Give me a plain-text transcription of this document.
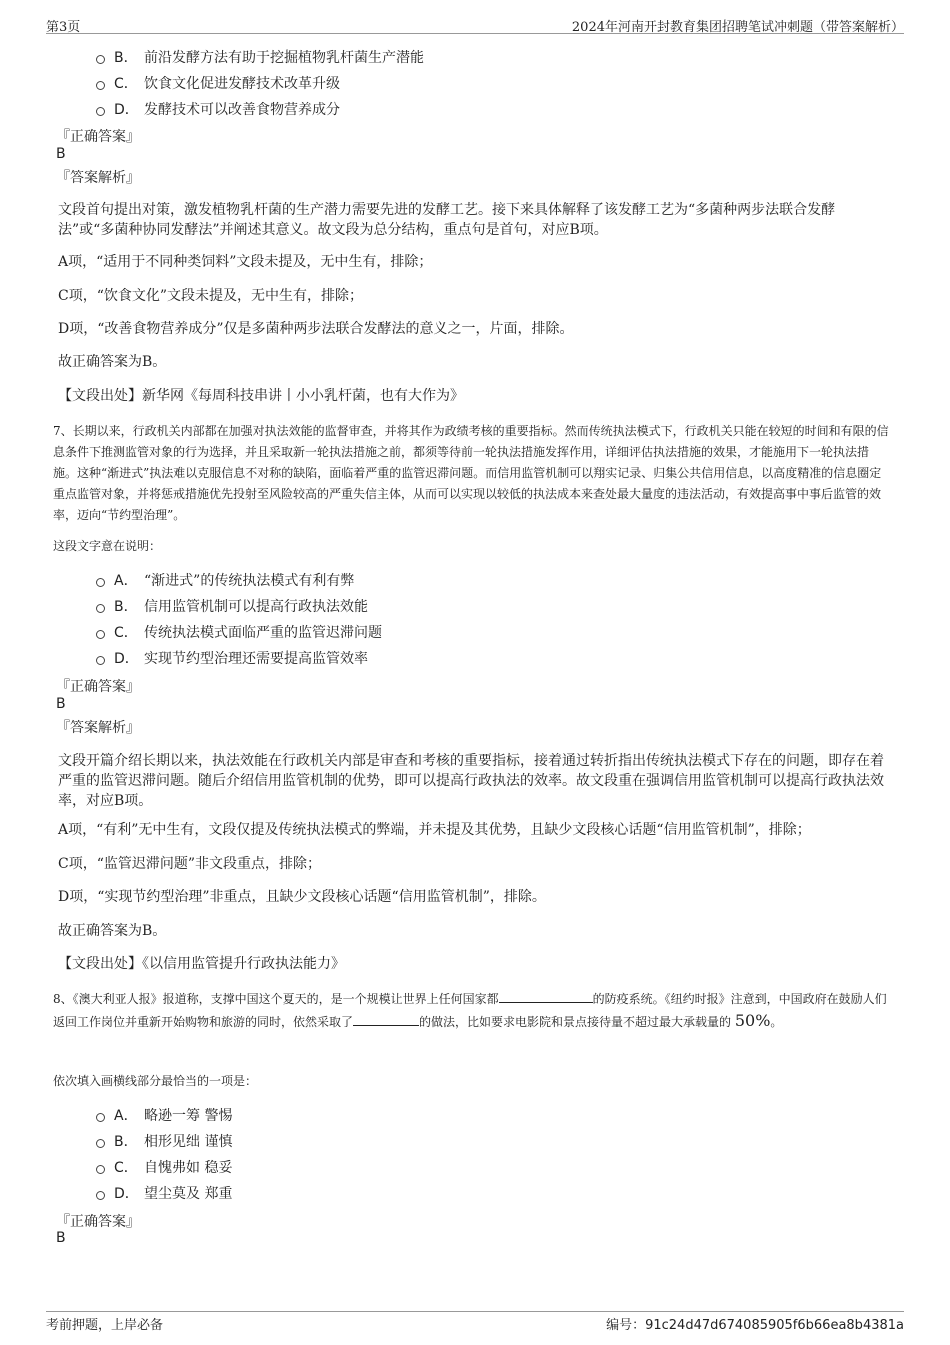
第3页	2024年河南开封教育集团招聘笔试冲刺题（带答案解析）
B． 前沿发酵方法有助于挖掘植物乳杆菌生产潜能
C． 饮食文化促进发酵技术改革升级
D． 发酵技术可以改善食物营养成分
『正确答案』
B
『答案解析』
文段首句提出对策，激发植物乳杆菌的生产潜力需要先进的发酵工艺。接下来具体解释了该发酵工艺为“多菌种两步法联合发酵法”或“多菌种协同发酵法”并阐述其意义。故文段为总分结构，重点句是首句，对应B项。
A项，“适用于不同种类饲料”文段未提及，无中生有，排除；
C项，“饮食文化”文段未提及，无中生有，排除；
D项，“改善食物营养成分”仅是多菌种两步法联合发酵法的意义之一，片面，排除。
故正确答案为B。
【文段出处】新华网《每周科技串讲丨小小乳杆菌，也有大作为》
7、长期以来，行政机关内部都在加强对执法效能的监督审查，并将其作为政绩考核的重要指标。然而传统执法模式下，行政机关只能在较短的时间和有限的信息条件下推测监管对象的行为选择，并且采取新一轮执法措施之前，都须等待前一轮执法措施发挥作用，详细评估执法措施的效果，才能施用下一轮执法措施。这种“渐进式”执法难以克服信息不对称的缺陷，面临着严重的监管迟滞问题。而信用监管机制可以翔实记录、归集公共信用信息，以高度精准的信息圈定重点监管对象，并将惩戒措施优先投射至风险较高的严重失信主体，从而可以实现以较低的执法成本来查处最大量度的违法活动，有效提高事中事后监管的效率，迈向“节约型治理”。
这段文字意在说明：
A． “渐进式”的传统执法模式有利有弊
B． 信用监管机制可以提高行政执法效能
C． 传统执法模式面临严重的监管迟滞问题
D． 实现节约型治理还需要提高监管效率
『正确答案』
B
『答案解析』
文段开篇介绍长期以来，执法效能在行政机关内部是审查和考核的重要指标，接着通过转折指出传统执法模式下存在的问题，即存在着严重的监管迟滞问题。随后介绍信用监管机制的优势，即可以提高行政执法的效率。故文段重在强调信用监管机制可以提高行政执法效率，对应B项。
A项，“有利”无中生有，文段仅提及传统执法模式的弊端，并未提及其优势，且缺少文段核心话题“信用监管机制”，排除；
C项，“监管迟滞问题”非文段重点，排除；
D项，“实现节约型治理”非重点，且缺少文段核心话题“信用监管机制”，排除。
故正确答案为B。
【文段出处】《以信用监管提升行政执法能力》
8、《澳大利亚人报》报道称，支撑中国这个夏天的，是一个规模让世界上任何国家都	的防疫系统。《纽约时报》注意到，中国政府在鼓励人们返回工作岗位并重新开始购物和旅游的同时，依然采取了	的做法，比如要求电影院和景点接待量不超过最大承载量的 50%。
依次填入画横线部分最恰当的一项是：
A． 略逊一筹 警惕
B． 相形见绌 谨慎
C． 自愧弗如 稳妥
D． 望尘莫及 郑重
『正确答案』
B
考前押题，上岸必备	编号：91c24d47d674085905f6b66ea8b4381a
